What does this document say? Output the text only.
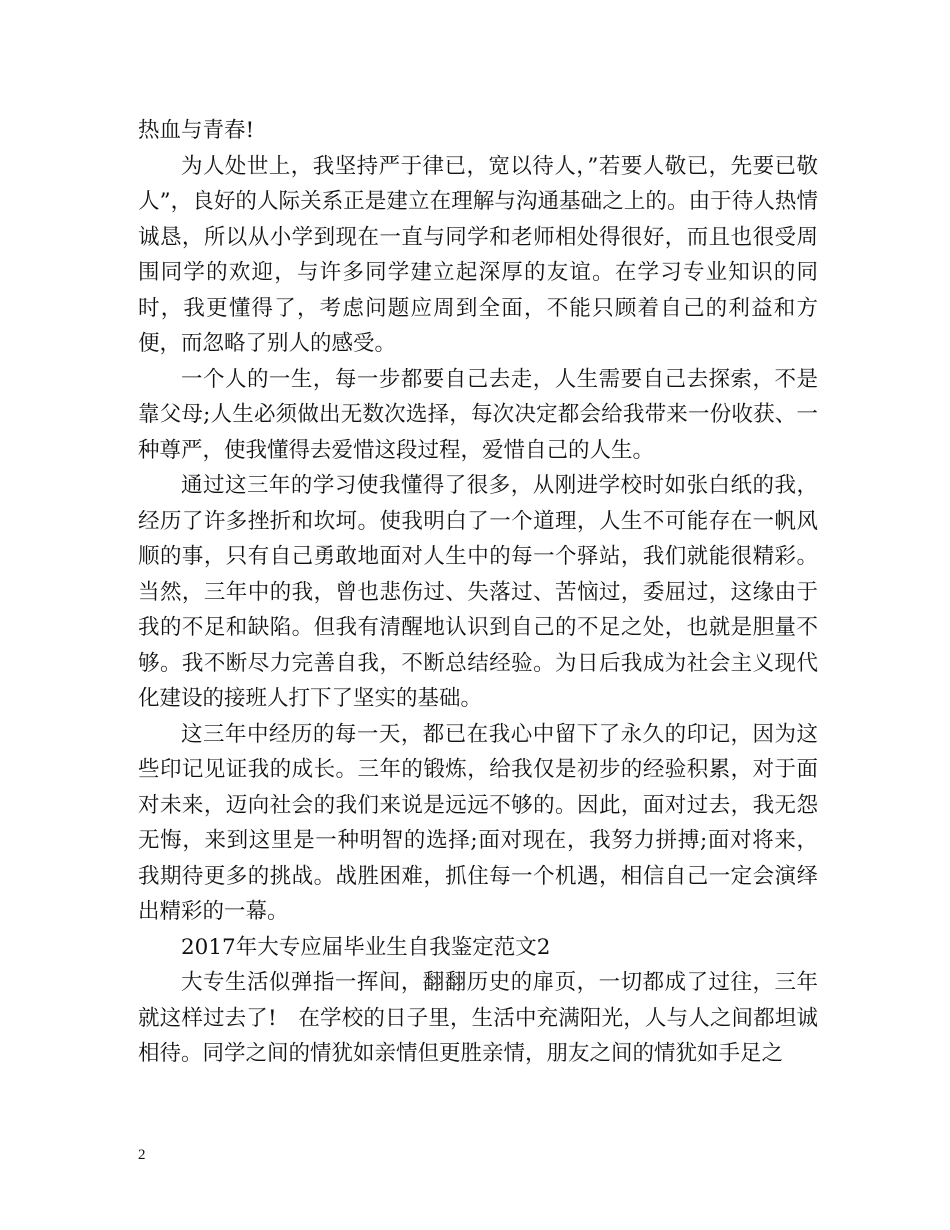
热血与青春!

为人处世上，我坚持严于律已，宽以待人，”若要人敬已，先要已敬人”，良好的人际关系正是建立在理解与沟通基础之上的。由于待人热情诚恳，所以从小学到现在一直与同学和老师相处得很好，而且也很受周围同学的欢迎，与许多同学建立起深厚的友谊。在学习专业知识的同时，我更懂得了，考虑问题应周到全面，不能只顾着自己的利益和方便，而忽略了别人的感受。

一个人的一生，每一步都要自己去走，人生需要自己去探索，不是靠父母;人生必须做出无数次选择，每次决定都会给我带来一份收获、一种尊严，使我懂得去爱惜这段过程，爱惜自己的人生。

通过这三年的学习使我懂得了很多，从刚进学校时如张白纸的我，经历了许多挫折和坎坷。使我明白了一个道理，人生不可能存在一帆风顺的事，只有自己勇敢地面对人生中的每一个驿站，我们就能很精彩。当然，三年中的我，曾也悲伤过、失落过、苦恼过，委屈过，这缘由于我的不足和缺陷。但我有清醒地认识到自己的不足之处，也就是胆量不够。我不断尽力完善自我，不断总结经验。为日后我成为社会主义现代化建设的接班人打下了坚实的基础。

这三年中经历的每一天，都已在我心中留下了永久的印记，因为这些印记见证我的成长。三年的锻炼，给我仅是初步的经验积累，对于面对未来，迈向社会的我们来说是远远不够的。因此，面对过去，我无怨无悔，来到这里是一种明智的选择;面对现在，我努力拼搏;面对将来，我期待更多的挑战。战胜困难，抓住每一个机遇，相信自己一定会演绎出精彩的一幕。

2017年大专应届毕业生自我鉴定范文2

大专生活似弹指一挥间，翻翻历史的扉页，一切都成了过往，三年就这样过去了!　在学校的日子里，生活中充满阳光，人与人之间都坦诚相待。同学之间的情犹如亲情但更胜亲情，朋友之间的情犹如手足之

2
